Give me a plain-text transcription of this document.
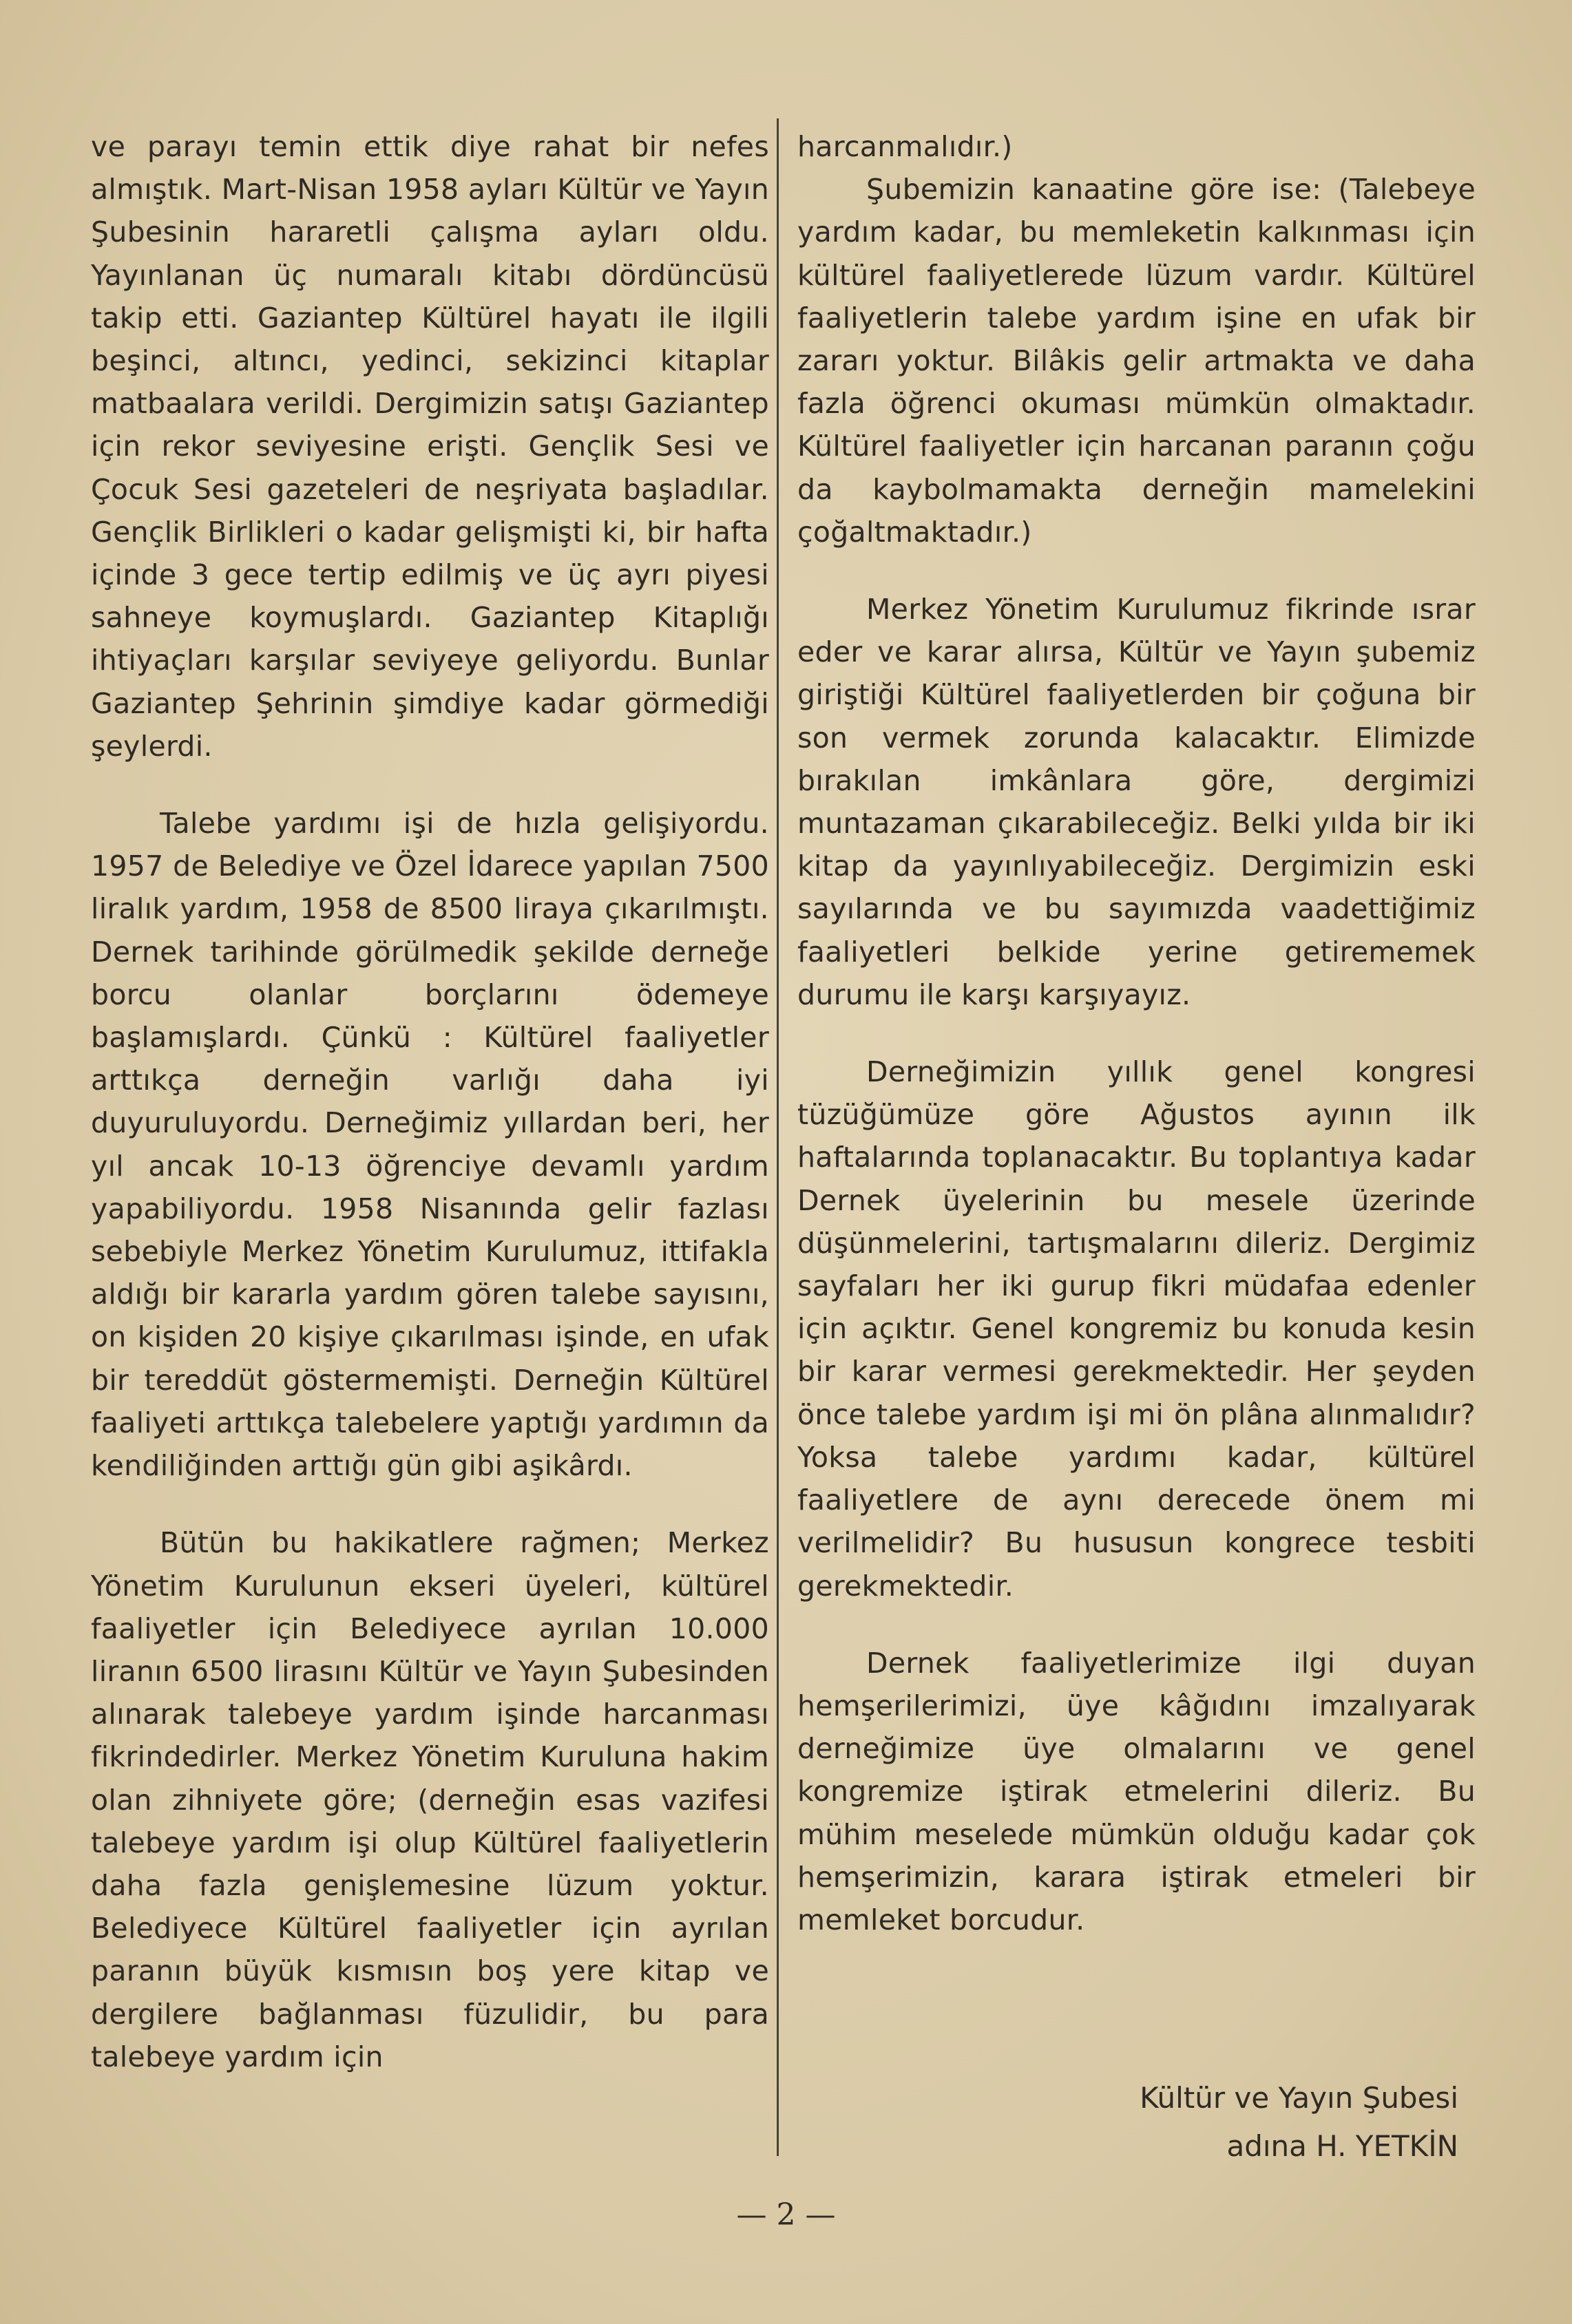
ve parayı temin ettik diye rahat bir nefes almıştık. Mart-Nisan 1958 ayları Kültür ve Yayın Şubesinin hararetli çalışma ayları oldu. Yayınlanan üç numaralı kitabı dördüncüsü takip etti. Gaziantep Kültürel hayatı ile ilgili beşinci, altıncı, yedinci, sekizinci kitaplar matbaalara verildi. Dergimizin satışı Gaziantep için rekor seviyesine erişti. Gençlik Sesi ve Çocuk Sesi gazeteleri de neşriyata başladılar. Gençlik Birlikleri o kadar gelişmişti ki, bir hafta içinde 3 gece tertip edilmiş ve üç ayrı piyesi sahneye koymuşlardı. Gaziantep Kitaplığı ihtiyaçları karşılar seviyeye geliyordu. Bunlar Gaziantep Şehrinin şimdiye kadar görmediği şeylerdi.

Talebe yardımı işi de hızla gelişiyordu. 1957 de Belediye ve Özel İdarece yapılan 7500 liralık yardım, 1958 de 8500 liraya çıkarılmıştı. Dernek tarihinde görülmedik şekilde derneğe borcu olanlar borçlarını ödemeye başlamışlardı. Çünkü : Kültürel faaliyetler arttıkça derneğin varlığı daha iyi duyuruluyordu. Derneğimiz yıllardan beri, her yıl ancak 10-13 öğrenciye devamlı yardım yapabiliyordu. 1958 Nisanında gelir fazlası sebebiyle Merkez Yönetim Kurulumuz, ittifakla aldığı bir kararla yardım gören talebe sayısını, on kişiden 20 kişiye çıkarılması işinde, en ufak bir tereddüt göstermemişti. Derneğin Kültürel faaliyeti arttıkça talebelere yaptığı yardımın da kendiliğinden arttığı gün gibi aşikârdı.

Bütün bu hakikatlere rağmen; Merkez Yönetim Kurulunun ekseri üyeleri, kültürel faaliyetler için Belediyece ayrılan 10.000 liranın 6500 lirasını Kültür ve Yayın Şubesinden alınarak talebeye yardım işinde harcanması fikrindedirler. Merkez Yönetim Kuruluna hakim olan zihniyete göre; (derneğin esas vazifesi talebeye yardım işi olup Kültürel faaliyetlerin daha fazla genişlemesine lüzum yoktur. Belediyece Kültürel faaliyetler için ayrılan paranın büyük kısmısın boş yere kitap ve dergilere bağlanması füzulidir, bu para talebeye yardım için

harcanmalıdır.)

Şubemizin kanaatine göre ise: (Talebeye yardım kadar, bu memleketin kalkınması için kültürel faaliyetlerede lüzum vardır. Kültürel faaliyetlerin talebe yardım işine en ufak bir zararı yoktur. Bilâkis gelir artmakta ve daha fazla öğrenci okuması mümkün olmaktadır. Kültürel faaliyetler için harcanan paranın çoğu da kaybolmamakta derneğin mamelekini çoğaltmaktadır.)

Merkez Yönetim Kurulumuz fikrinde ısrar eder ve karar alırsa, Kültür ve Yayın şubemiz giriştiği Kültürel faaliyetlerden bir çoğuna bir son vermek zorunda kalacaktır. Elimizde bırakılan imkânlara göre, dergimizi muntazaman çıkarabileceğiz. Belki yılda bir iki kitap da yayınlıyabileceğiz. Dergimizin eski sayılarında ve bu sayımızda vaadettiğimiz faaliyetleri belkide yerine getirememek durumu ile karşı karşıyayız.

Derneğimizin yıllık genel kongresi tüzüğümüze göre Ağustos ayının ilk haftalarında toplanacaktır. Bu toplantıya kadar Dernek üyelerinin bu mesele üzerinde düşünmelerini, tartışmalarını dileriz. Dergimiz sayfaları her iki gurup fikri müdafaa edenler için açıktır. Genel kongremiz bu konuda kesin bir karar vermesi gerekmektedir. Her şeyden önce talebe yardım işi mi ön plâna alınmalıdır? Yoksa talebe yardımı kadar, kültürel faaliyetlere de aynı derecede önem mi verilmelidir? Bu hususun kongrece tesbiti gerekmektedir.

Dernek faaliyetlerimize ilgi duyan hemşerilerimizi, üye kâğıdını imzalıyarak derneğimize üye olmalarını ve genel kongremize iştirak etmelerini dileriz. Bu mühim meselede mümkün olduğu kadar çok hemşerimizin, karara iştirak etmeleri bir memleket borcudur.

Kültür ve Yayın Şubesi
adına H. YETKİN
— 2 —
